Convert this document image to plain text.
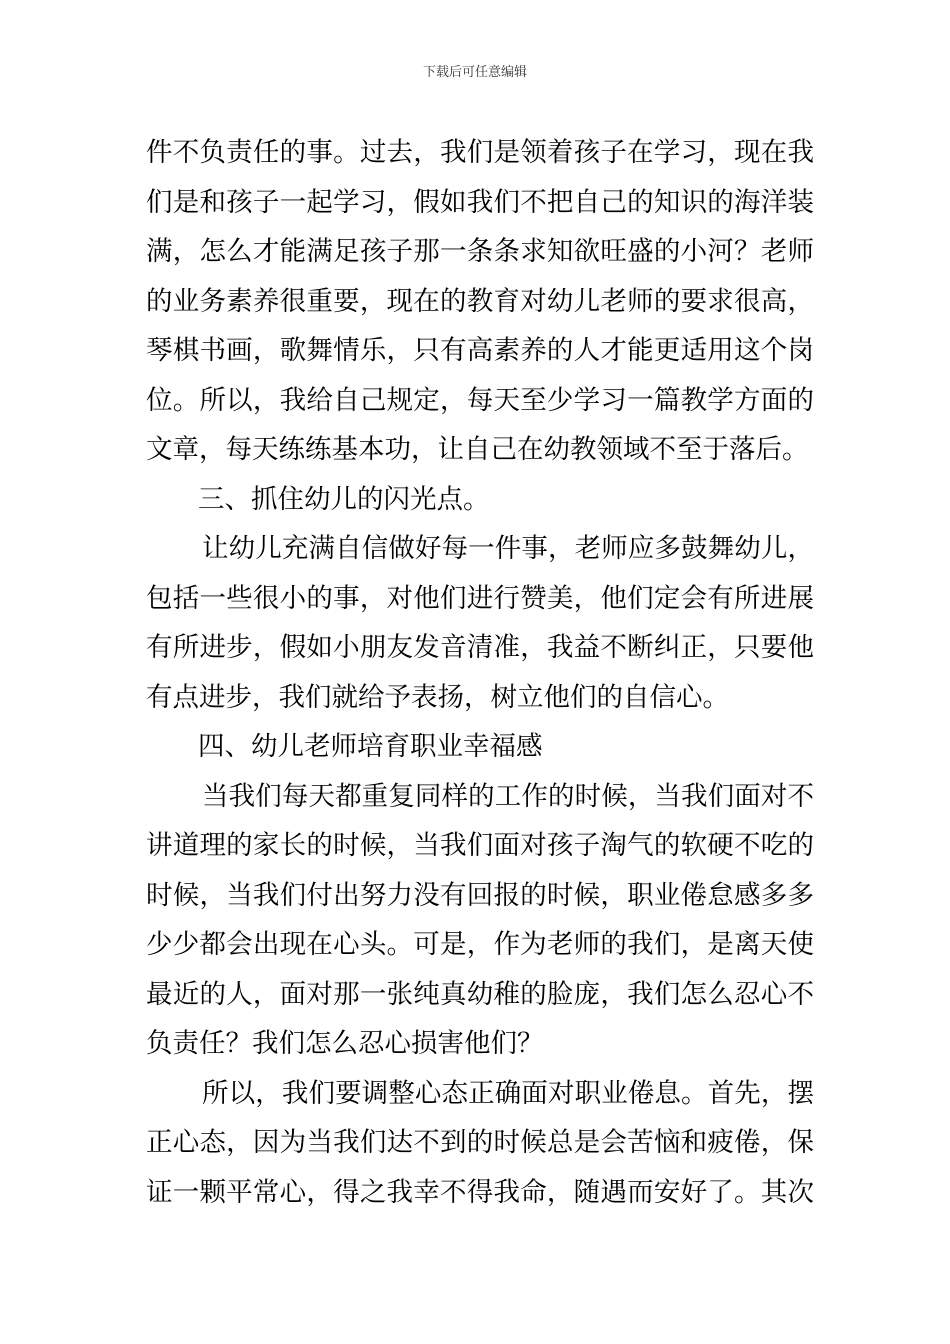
下载后可任意编辑
件不负责任的事。过去，我们是领着孩子在学习，现在我
们是和孩子一起学习，假如我们不把自己的知识的海洋装
满，怎么才能满足孩子那一条条求知欲旺盛的小河？老师
的业务素养很重要，现在的教育对幼儿老师的要求很高，
琴棋书画，歌舞情乐，只有高素养的人才能更适用这个岗
位。所以，我给自己规定，每天至少学习一篇教学方面的
文章，每天练练基本功，让自己在幼教领域不至于落后。
三、抓住幼儿的闪光点。
让幼儿充满自信做好每一件事，老师应多鼓舞幼儿，
包括一些很小的事，对他们进行赞美，他们定会有所进展
有所进步，假如小朋友发音清准，我益不断纠正，只要他
有点进步，我们就给予表扬，树立他们的自信心。
四、幼儿老师培育职业幸福感
当我们每天都重复同样的工作的时候，当我们面对不
讲道理的家长的时候，当我们面对孩子淘气的软硬不吃的
时候，当我们付出努力没有回报的时候，职业倦怠感多多
少少都会出现在心头。可是，作为老师的我们，是离天使
最近的人，面对那一张纯真幼稚的脸庞，我们怎么忍心不
负责任？我们怎么忍心损害他们？
所以，我们要调整心态正确面对职业倦息。首先，摆
正心态，因为当我们达不到的时候总是会苦恼和疲倦，保
证一颗平常心，得之我幸不得我命，随遇而安好了。其次
